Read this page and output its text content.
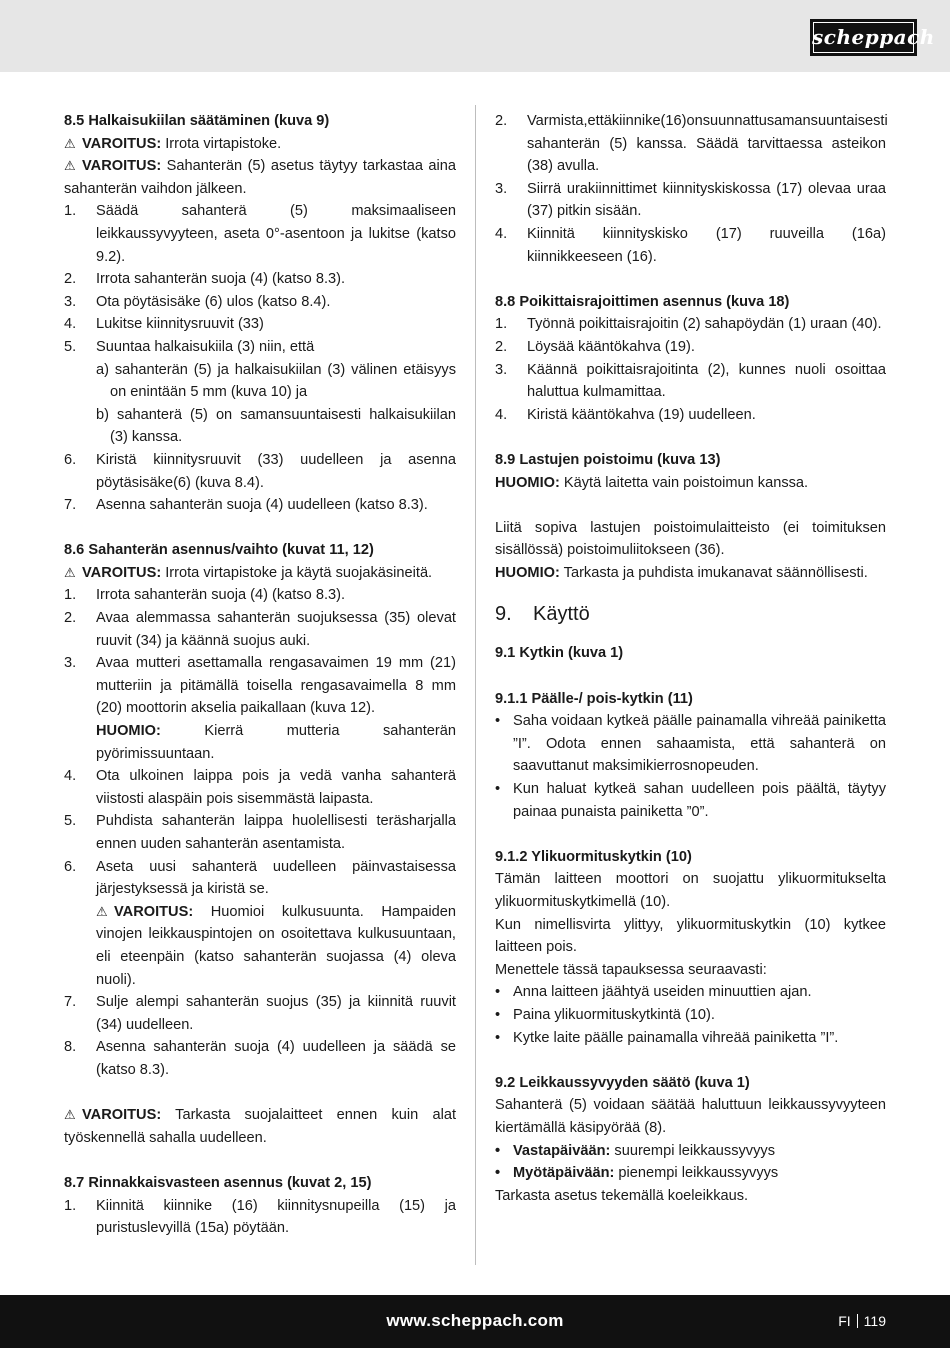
scheppach
8.5 Halkaisukiilan säätäminen (kuva 9)

⚠ VAROITUS: Irrota virtapistoke.

⚠ VAROITUS: Sahanterän (5) asetus täytyy tarkastaa aina sahanterän vaihdon jälkeen.

1. Säädä sahanterä (5) maksimaaliseen leikkaussyvyyteen, aseta 0°-asentoon ja lukitse (katso 9.2).
2. Irrota sahanterän suoja (4) (katso 8.3).
3. Ota pöytäsisäke (6) ulos (katso 8.4).
4. Lukitse kiinnitysruuvit (33)
5. Suuntaa halkaisukiila (3) niin, että
a) sahanterän (5) ja halkaisukiilan (3) välinen etäisyys on enintään 5 mm (kuva 10) ja
b) sahanterä (5) on samansuuntaisesti halkaisukiilan (3) kanssa.
6. Kiristä kiinnitysruuvit (33) uudelleen ja asenna pöytäsisäke(6) (kuva 8.4).
7. Asenna sahanterän suoja (4) uudelleen (katso 8.3).
8.6 Sahanterän asennus/vaihto (kuvat 11, 12)

⚠ VAROITUS: Irrota virtapistoke ja käytä suojakäsineitä.

1. Irrota sahanterän suoja (4) (katso 8.3).
2. Avaa alemmassa sahanterän suojuksessa (35) olevat ruuvit (34) ja käännä suojus auki.
3. Avaa mutteri asettamalla rengasavaimen 19 mm (21) mutteriin ja pitämällä toisella rengasavaimella 8 mm (20) moottorin akselia paikallaan (kuva 12).
HUOMIO: Kierrä mutteria sahanterän pyörimissuuntaan.
4. Ota ulkoinen laippa pois ja vedä vanha sahanterä viistosti alaspäin pois sisemmästä laipasta.
5. Puhdista sahanterän laippa huolellisesti teräsharjalla ennen uuden sahanterän asentamista.
6. Aseta uusi sahanterä uudelleen päinvastaisessa järjestyksessä ja kiristä se.
⚠ VAROITUS: Huomioi kulkusuunta. Hampaiden vinojen leikkauspintojen on osoitettava kulkusuuntaan, eli eteenpäin (katso sahanterän suojassa (4) oleva nuoli).
7. Sulje alempi sahanterän suojus (35) ja kiinnitä ruuvit (34) uudelleen.
8. Asenna sahanterän suoja (4) uudelleen ja säädä se (katso 8.3).

⚠ VAROITUS: Tarkasta suojalaitteet ennen kuin alat työskennellä sahalla uudelleen.

8.7 Rinnakkaisvasteen asennus (kuvat 2, 15)
1. Kiinnitä kiinnike (16) kiinnitysnupeilla (15) ja puristuslevyillä (15a) pöytään.
2. Varmista,ettäkiinnike(16)onsuunnattusamansuuntaisesti sahanterän (5) kanssa. Säädä tarvittaessa asteikon (38) avulla.
3. Siirrä urakiinnittimet kiinnityskiskossa (17) olevaa uraa (37) pitkin sisään.
4. Kiinnitä kiinnityskisko (17) ruuveilla (16a) kiinnikkeeseen (16).
8.8 Poikittaisrajoittimen asennus (kuva 18)
1. Työnnä poikittaisrajoitin (2) sahapöydän (1) uraan (40).
2. Löysää kääntökahva (19).
3. Käännä poikittaisrajoitinta (2), kunnes nuoli osoittaa haluttua kulmamittaa.
4. Kiristä kääntökahva (19) uudelleen.
8.9 Lastujen poistoimu (kuva 13)

HUOMIO: Käytä laitetta vain poistoimun kanssa.

Liitä sopiva lastujen poistoimulaitteisto (ei toimituksen sisällössä) poistoimuliitokseen (36).

HUOMIO: Tarkasta ja puhdista imukanavat säännöllisesti.

9. Käyttö
9.1 Kytkin (kuva 1)
9.1.1 Päälle-/ pois-kytkin (11)
• Saha voidaan kytkeä päälle painamalla vihreää painiketta ”I”. Odota ennen sahaamista, että sahanterä on saavuttanut maksimikierrosnopeuden.
• Kun haluat kytkeä sahan uudelleen pois päältä, täytyy painaa punaista painiketta ”0”.
9.1.2 Ylikuormituskytkin (10)

Tämän laitteen moottori on suojattu ylikuormitukselta ylikuormituskytkimellä (10).

Kun nimellisvirta ylittyy, ylikuormituskytkin (10) kytkee laitteen pois.

Menettele tässä tapauksessa seuraavasti:

• Anna laitteen jäähtyä useiden minuuttien ajan.
• Paina ylikuormituskytkintä (10).
• Kytke laite päälle painamalla vihreää painiketta ”I”.
9.2 Leikkaussyvyyden säätö (kuva 1)

Sahanterä (5) voidaan säätää haluttuun leikkaussyvyyteen kiertämällä käsipyörää (8).

• Vastapäivään: suurempi leikkaussyvyys
• Myötäpäivään: pienempi leikkaussyvyys

Tarkasta asetus tekemällä koeleikkaus.

www.scheppach.com	FI 119
